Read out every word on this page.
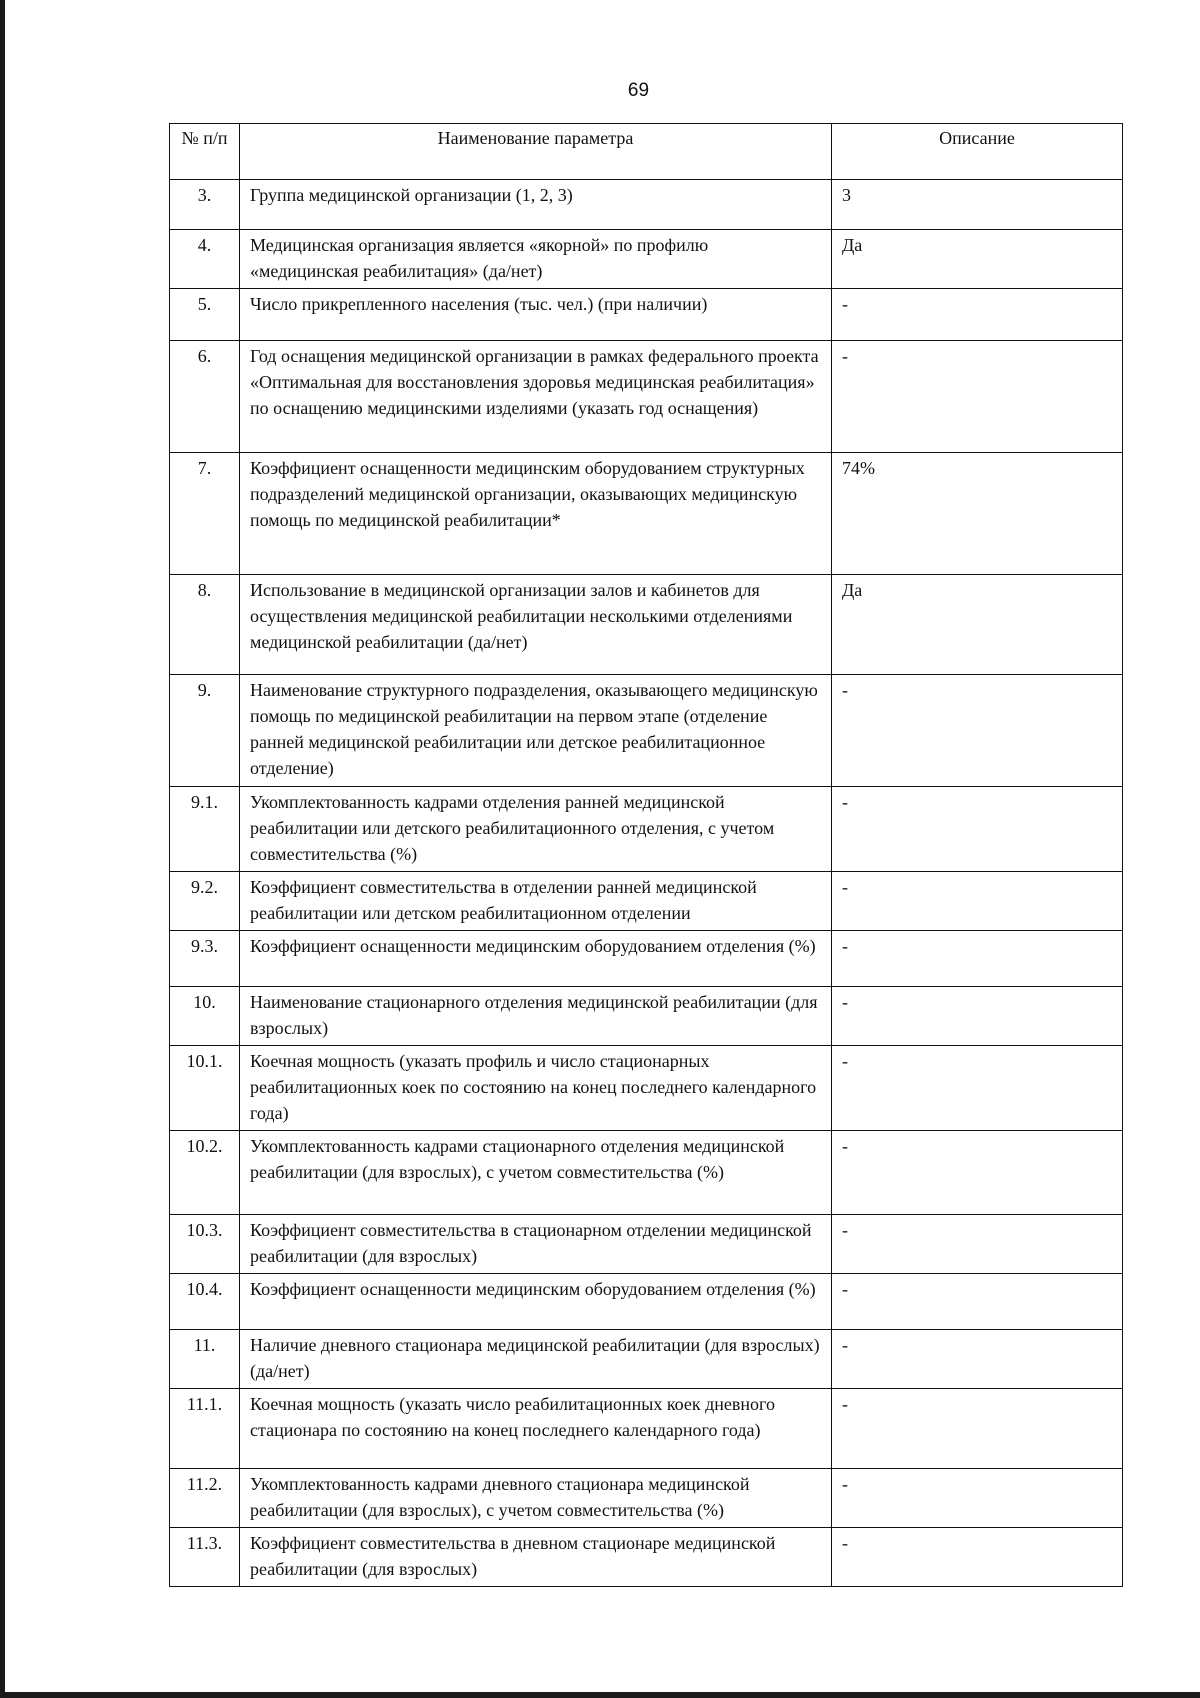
69
№ п/п	Наименование параметра	Описание
3.	Группа медицинской организации (1, 2, 3)	3
4.	Медицинская организация является «якорной» по профилю «медицинская реабилитация» (да/нет)	Да
5.	Число прикрепленного населения (тыс. чел.) (при наличии)	-
6.	Год оснащения медицинской организации в рамках федерального проекта «Оптимальная для восстановления здоровья медицинская реабилитация» по оснащению медицинскими изделиями (указать год оснащения)	-
7.	Коэффициент оснащенности медицинским оборудованием структурных подразделений медицинской организации, оказывающих медицинскую помощь по медицинской реабилитации*	74%
8.	Использование в медицинской организации залов и кабинетов для осуществления медицинской реабилитации несколькими отделениями медицинской реабилитации (да/нет)	Да
9.	Наименование структурного подразделения, оказывающего медицинскую помощь по медицинской реабилитации на первом этапе (отделение ранней медицинской реабилитации или детское реабилитационное отделение)	-
9.1.	Укомплектованность кадрами отделения ранней медицинской реабилитации или детского реабилитационного отделения, с учетом совместительства (%)	-
9.2.	Коэффициент совместительства в отделении ранней медицинской реабилитации или детском реабилитационном отделении	-
9.3.	Коэффициент оснащенности медицинским оборудованием отделения (%)	-
10.	Наименование стационарного отделения медицинской реабилитации (для взрослых)	-
10.1.	Коечная мощность (указать профиль и число стационарных реабилитационных коек по состоянию на конец последнего календарного года)	-
10.2.	Укомплектованность кадрами стационарного отделения медицинской реабилитации (для взрослых), с учетом совместительства (%)	-
10.3.	Коэффициент совместительства в стационарном отделении медицинской реабилитации (для взрослых)	-
10.4.	Коэффициент оснащенности медицинским оборудованием отделения (%)	-
11.	Наличие дневного стационара медицинской реабилитации (для взрослых) (да/нет)	-
11.1.	Коечная мощность (указать число реабилитационных коек дневного стационара по состоянию на конец последнего календарного года)	-
11.2.	Укомплектованность кадрами дневного стационара медицинской реабилитации (для взрослых), с учетом совместительства (%)	-
11.3.	Коэффициент совместительства в дневном стационаре медицинской реабилитации (для взрослых)	-
